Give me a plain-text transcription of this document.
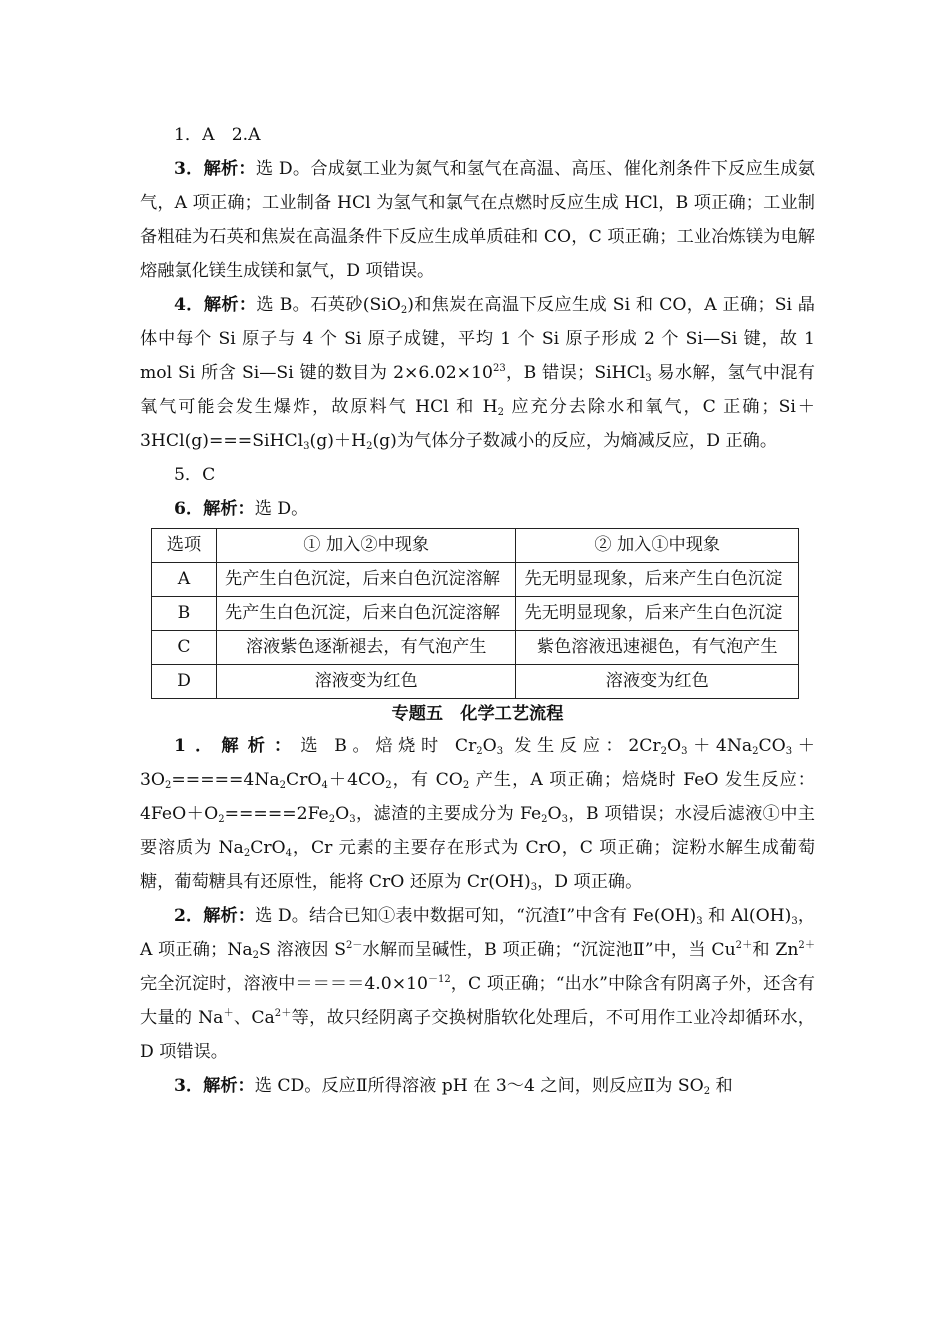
1．A　2.A

3．解析：选 D。合成氨工业为氮气和氢气在高温、高压、催化剂条件下反应生成氨气，A 项正确；工业制备 HCl 为氢气和氯气在点燃时反应生成 HCl，B 项正确；工业制备粗硅为石英和焦炭在高温条件下反应生成单质硅和 CO，C 项正确；工业冶炼镁为电解熔融氯化镁生成镁和氯气，D 项错误。

4．解析：选 B。石英砂(SiO$_2$)和焦炭在高温下反应生成 Si 和 CO，A 正确；Si 晶体中每个 Si 原子与 4 个 Si 原子成键，平均 1 个 Si 原子形成 2 个 Si—Si 键，故 1 mol Si 所含 Si—Si 键的数目为 $2\times 6.02\times 10^{23}$，B 错误；SiHCl$_3$ 易水解，氢气中混有氧气可能会发生爆炸，故原料气 HCl 和 $H_2$ 应充分去除水和氧气，C 正确；$Si+3HCl(g)===SiHCl_3(g)+H_2(g)$为气体分子数减小的反应，为熵减反应，D 正确。

5．C

6．解析：选 D。

选项	① 加入②中现象	② 加入①中现象
A	先产生白色沉淀，后来白色沉淀溶解	先无明显现象，后来产生白色沉淀
B	先产生白色沉淀，后来白色沉淀溶解	先无明显现象，后来产生白色沉淀
C	溶液紫色逐渐褪去，有气泡产生	紫色溶液迅速褪色，有气泡产生
D	溶液变为红色	溶液变为红色

专题五　化学工艺流程

1．解析：选 B。焙烧时 $Cr_2O_3$ 发生反应：$2Cr_2O_3+4Na_2CO_3+3O_2=====4Na_2CrO_4+4CO_2$，有 $CO_2$ 产生，A 项正确；焙烧时 FeO 发生反应：$4FeO+O_2=====2Fe_2O_3$，滤渣的主要成分为 $Fe_2O_3$，B 项错误；水浸后滤液①中主要溶质为 $Na_2CrO_4$，Cr 元素的主要存在形式为 CrO，C 项正确；淀粉水解生成葡萄糖，葡萄糖具有还原性，能将 CrO 还原为 $Cr(OH)_3$，D 项正确。

2．解析：选 D。结合已知①表中数据可知，“沉渣Ⅰ”中含有 $Fe(OH)_3$ 和 $Al(OH)_3$，A 项正确；$Na_2S$ 溶液因 $S^{2-}$水解而呈碱性，B 项正确；“沉淀池Ⅱ”中，当 $Cu^{2+}$和 $Zn^{2+}$完全沉淀时，溶液中$====4.0\times 10^{-12}$，C 项正确；“出水”中除含有阴离子外，还含有大量的 Na＋、$Ca^{2+}$等，故只经阴离子交换树脂软化处理后，不可用作工业冷却循环水，D 项错误。

3．解析：选 CD。反应Ⅱ所得溶液 pH 在 3～4 之间，则反应Ⅱ为 $SO_2$ 和
